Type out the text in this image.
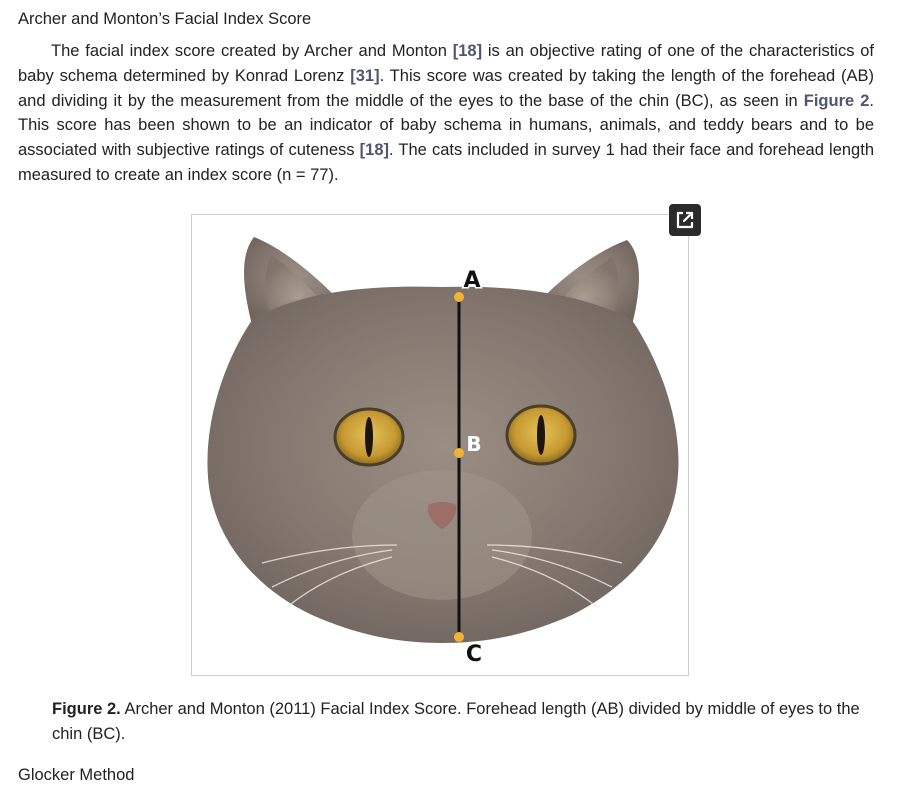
Archer and Monton’s Facial Index Score

The facial index score created by Archer and Monton [18] is an objective rating of one of the characteristics of baby schema determined by Konrad Lorenz [31]. This score was created by taking the length of the forehead (AB) and dividing it by the measurement from the middle of the eyes to the base of the chin (BC), as seen in Figure 2. This score has been shown to be an indicator of baby schema in humans, animals, and teddy bears and to be associated with subjective ratings of cuteness [18]. The cats included in survey 1 had their face and forehead length measured to create an index score (n = 77).

A
B
C

Figure 2. Archer and Monton (2011) Facial Index Score. Forehead length (AB) divided by middle of eyes to the chin (BC).

Glocker Method
